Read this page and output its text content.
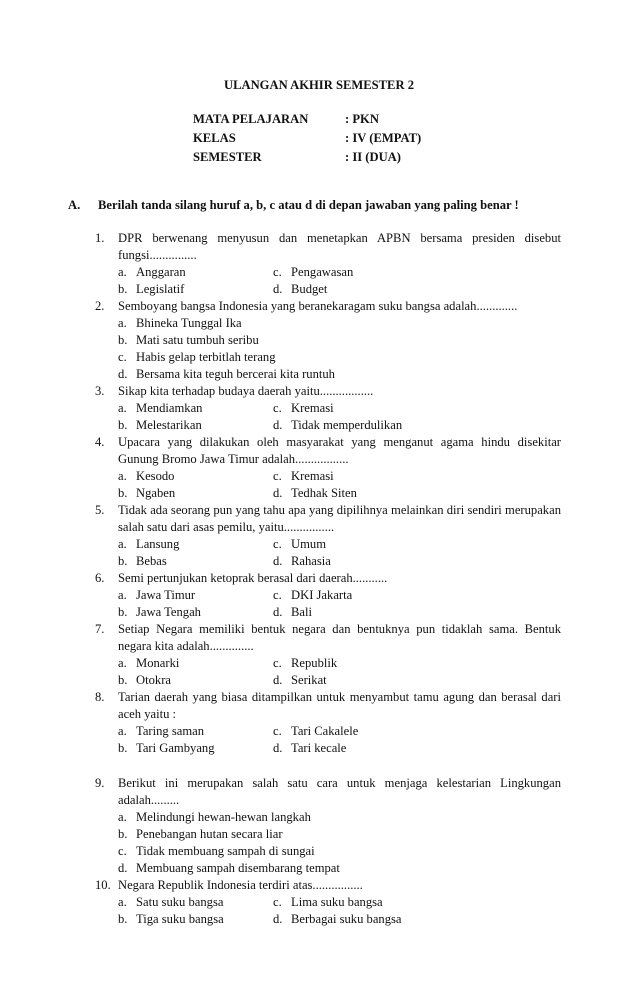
ULANGAN AKHIR SEMESTER 2
MATA PELAJARAN	: PKN
KELAS	: IV (EMPAT)
SEMESTER	: II (DUA)
A. Berilah tanda silang huruf a, b, c atau d di depan jawaban yang paling benar !
1.	DPR berwenang menyusun dan menetapkan APBN bersama presiden disebut fungsi...............
a. Anggaran	c. Pengawasan
b. Legislatif	d. Budget
2.	Semboyang bangsa Indonesia yang beranekaragam suku bangsa adalah.............
a. Bhineka Tunggal Ika
b. Mati satu tumbuh seribu
c. Habis gelap terbitlah terang
d. Bersama kita teguh bercerai kita runtuh
3.	Sikap kita terhadap budaya daerah yaitu.................
a. Mendiamkan	c. Kremasi
b. Melestarikan	d. Tidak memperdulikan
4.	Upacara yang dilakukan oleh masyarakat yang menganut agama hindu disekitar Gunung Bromo Jawa Timur adalah.................
a. Kesodo	c. Kremasi
b. Ngaben	d. Tedhak Siten
5.	Tidak ada seorang pun yang tahu apa yang dipilihnya melainkan diri sendiri merupakan salah satu dari asas pemilu, yaitu................
a. Lansung	c. Umum
b. Bebas	d. Rahasia
6.	Semi pertunjukan ketoprak berasal dari daerah...........
a. Jawa Timur	c. DKI Jakarta
b. Jawa Tengah	d. Bali
7.	Setiap Negara memiliki bentuk negara dan bentuknya pun tidaklah sama. Bentuk negara kita adalah..............
a. Monarki	c. Republik
b. Otokra	d. Serikat
8.	Tarian daerah yang biasa ditampilkan untuk menyambut tamu agung dan berasal dari aceh yaitu :
a. Taring saman	c. Tari Cakalele
b. Tari Gambyang	d. Tari kecale
9.	Berikut ini merupakan salah satu cara untuk menjaga kelestarian Lingkungan adalah.........
a. Melindungi hewan-hewan langkah
b. Penebangan hutan secara liar
c. Tidak membuang sampah di sungai
d. Membuang sampah disembarang tempat
10. Negara Republik Indonesia terdiri atas................
a. Satu suku bangsa	c. Lima suku bangsa
b. Tiga suku bangsa	d. Berbagai suku bangsa
